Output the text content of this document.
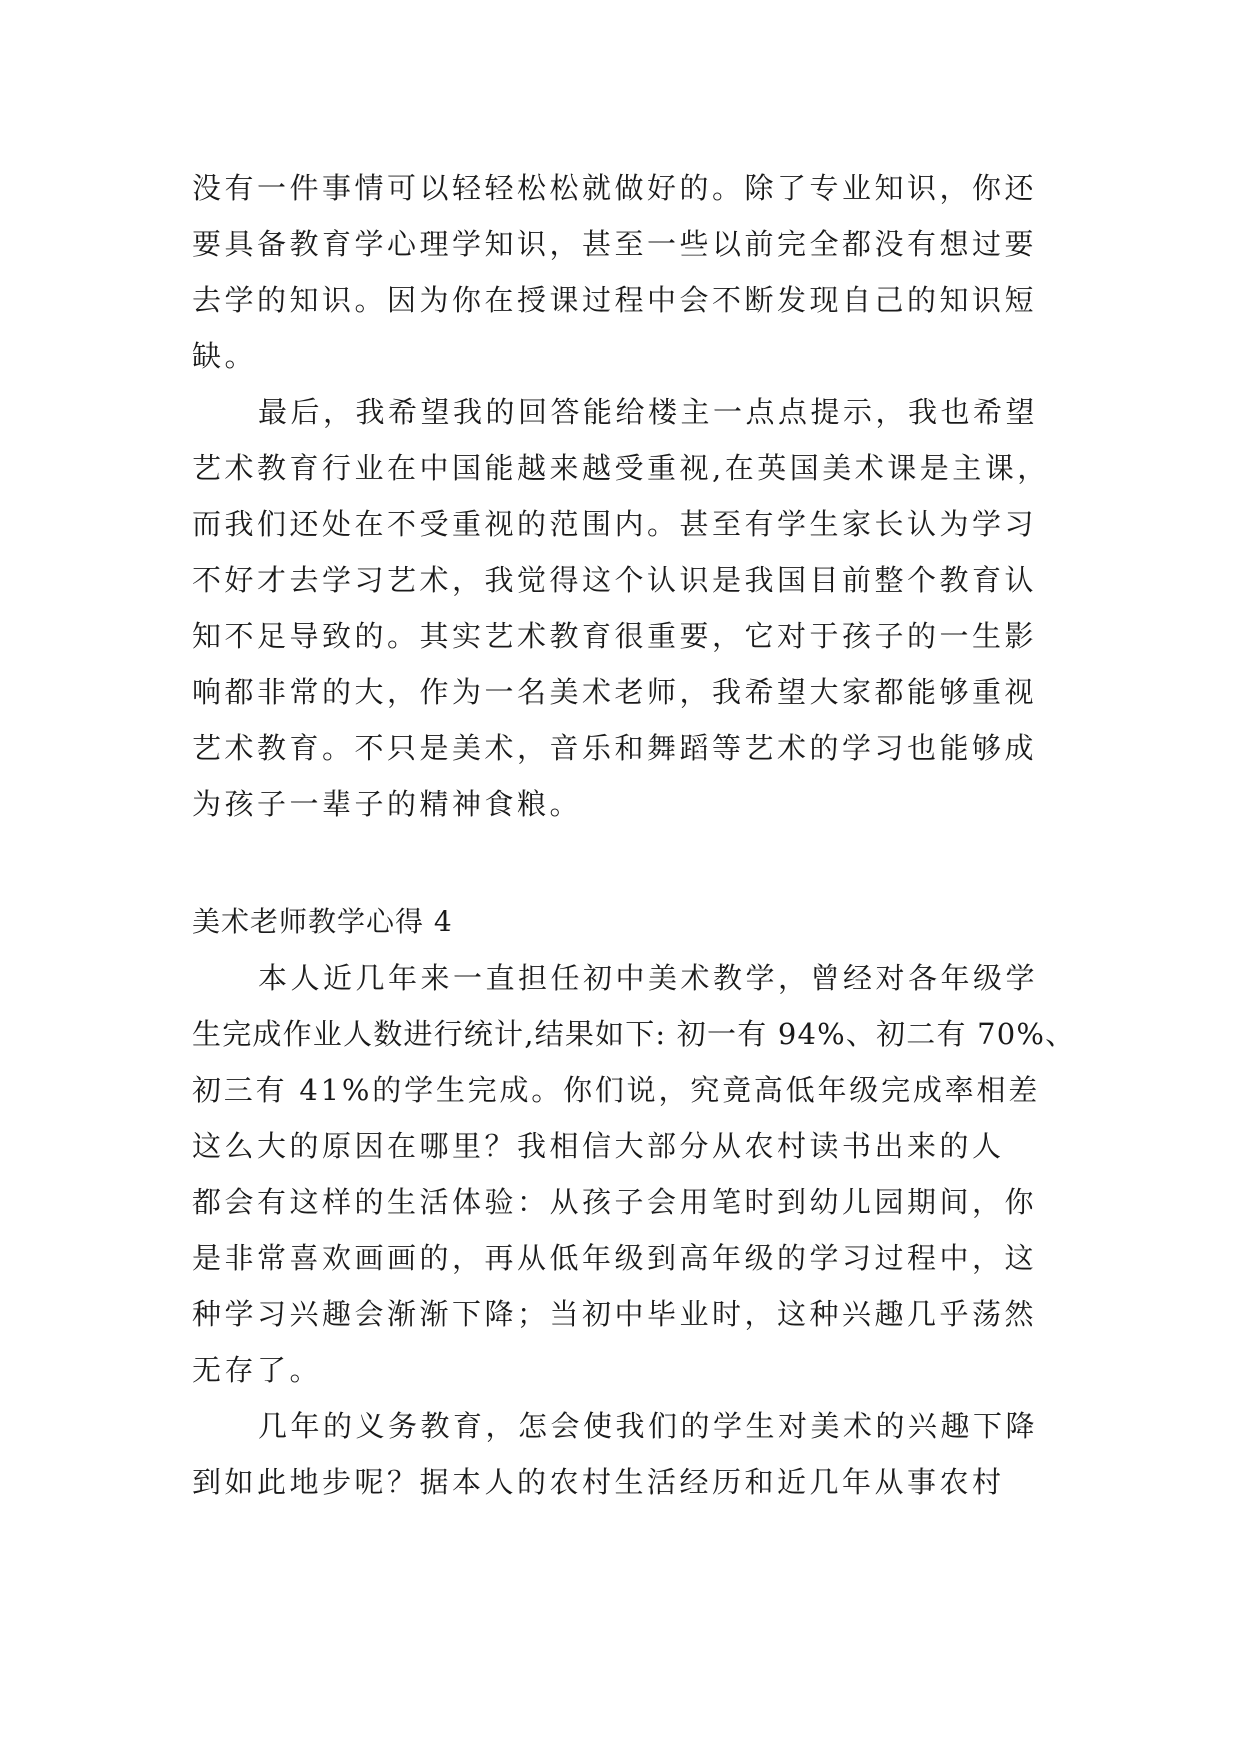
没有一件事情可以轻轻松松就做好的。除了专业知识，你还
要具备教育学心理学知识，甚至一些以前完全都没有想过要
去学的知识。因为你在授课过程中会不断发现自己的知识短
缺。
最后，我希望我的回答能给楼主一点点提示，我也希望
艺术教育行业在中国能越来越受重视,在英国美术课是主课，
而我们还处在不受重视的范围内。甚至有学生家长认为学习
不好才去学习艺术，我觉得这个认识是我国目前整个教育认
知不足导致的。其实艺术教育很重要，它对于孩子的一生影
响都非常的大，作为一名美术老师，我希望大家都能够重视
艺术教育。不只是美术，音乐和舞蹈等艺术的学习也能够成
为孩子一辈子的精神食粮。
美术老师教学心得 4
本人近几年来一直担任初中美术教学，曾经对各年级学
生完成作业人数进行统计,结果如下: 初一有 94%、初二有 70%、
初三有 41%的学生完成。你们说，究竟高低年级完成率相差
这么大的原因在哪里？我相信大部分从农村读书出来的人
都会有这样的生活体验：从孩子会用笔时到幼儿园期间，你
是非常喜欢画画的，再从低年级到高年级的学习过程中，这
种学习兴趣会渐渐下降；当初中毕业时，这种兴趣几乎荡然
无存了。
几年的义务教育，怎会使我们的学生对美术的兴趣下降
到如此地步呢？据本人的农村生活经历和近几年从事农村
